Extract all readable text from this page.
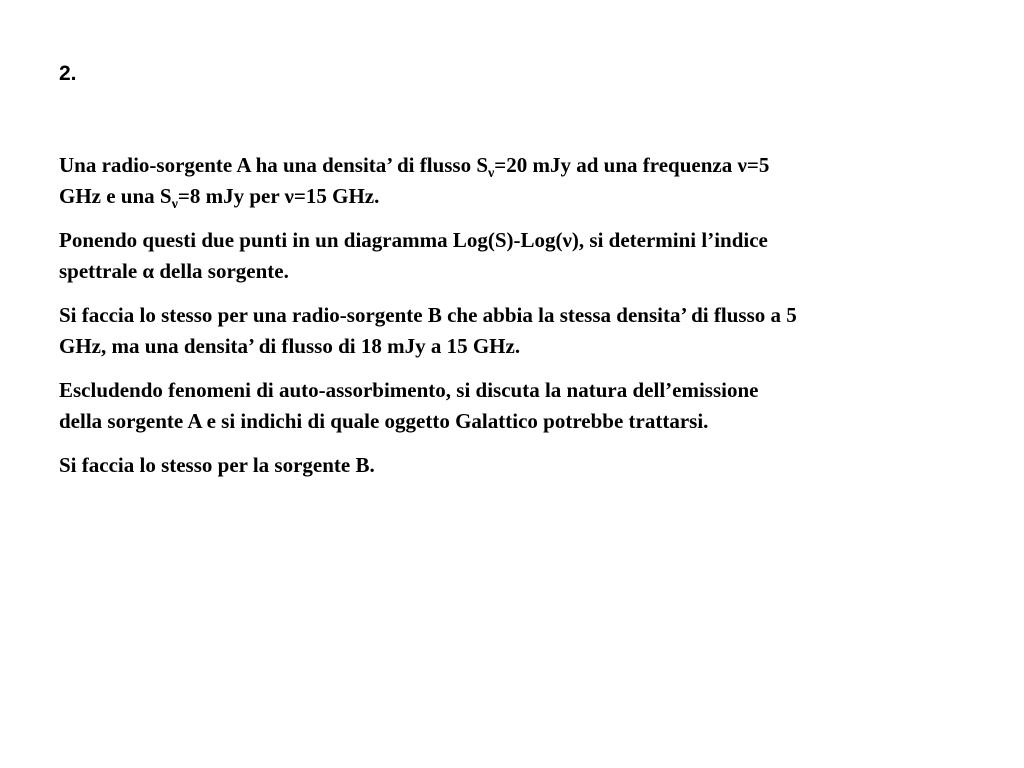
2.

Una radio-sorgente A ha una densita’ di flusso $S_\nu=20$ mJy ad una frequenza ν=5
GHz e una $S_\nu=8$ mJy per ν=15 GHz.

Ponendo questi due punti in un diagramma Log(S)-Log(ν), si determini l’indice
spettrale α della sorgente.

Si faccia lo stesso per una radio-sorgente B che abbia la stessa densita’ di flusso a 5
GHz, ma una densita’ di flusso di 18 mJy a 15 GHz.

Escludendo fenomeni di auto-assorbimento, si discuta la natura dell’emissione
della sorgente A e si indichi di quale oggetto Galattico potrebbe trattarsi.

Si faccia lo stesso per la sorgente B.
